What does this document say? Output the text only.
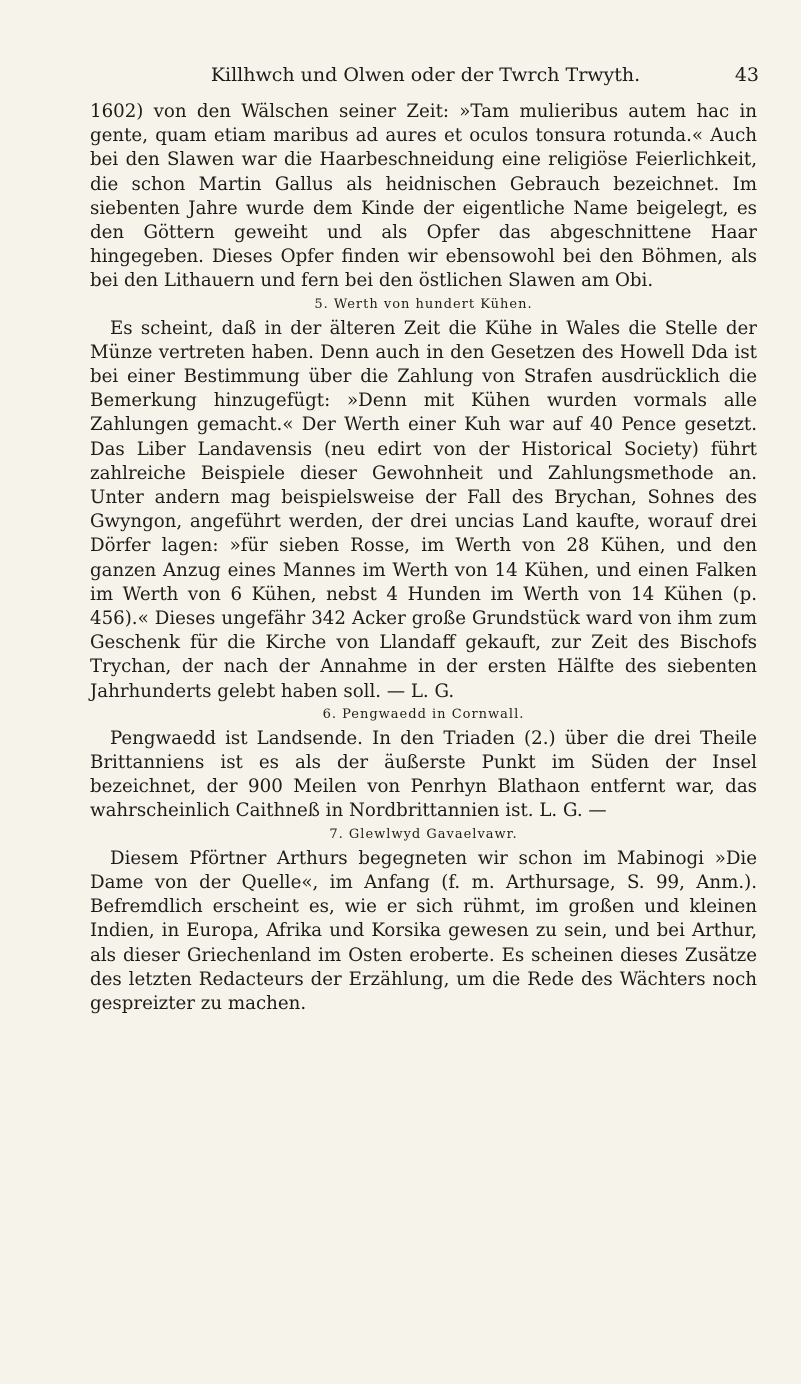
Killhwch und Olwen oder der Twrch Trwyth.	43

1602) von den Wälschen seiner Zeit: »Tam mulieribus autem hac in gente, quam etiam maribus ad aures et oculos tonsura rotunda.« Auch bei den Slawen war die Haarbeschneidung eine religiöse Feierlichkeit, die schon Martin Gallus als heidnischen Gebrauch bezeichnet. Im siebenten Jahre wurde dem Kinde der eigentliche Name beigelegt, es den Göttern geweiht und als Opfer das abgeschnittene Haar hingegeben. Dieses Opfer finden wir ebensowohl bei den Böhmen, als bei den Lithauern und fern bei den östlichen Slawen am Obi.

5. Werth von hundert Kühen.

Es scheint, daß in der älteren Zeit die Kühe in Wales die Stelle der Münze vertreten haben. Denn auch in den Gesetzen des Howell Dda ist bei einer Bestimmung über die Zahlung von Strafen ausdrücklich die Bemerkung hinzugefügt: »Denn mit Kühen wurden vormals alle Zahlungen gemacht.« Der Werth einer Kuh war auf 40 Pence gesetzt. Das Liber Landavensis (neu edirt von der Historical Society) führt zahlreiche Beispiele dieser Gewohnheit und Zahlungsmethode an. Unter andern mag beispielsweise der Fall des Brychan, Sohnes des Gwyngon, angeführt werden, der drei uncias Land kaufte, worauf drei Dörfer lagen: »für sieben Rosse, im Werth von 28 Kühen, und den ganzen Anzug eines Mannes im Werth von 14 Kühen, und einen Falken im Werth von 6 Kühen, nebst 4 Hunden im Werth von 14 Kühen (p. 456).« Dieses ungefähr 342 Acker große Grundstück ward von ihm zum Geschenk für die Kirche von Llandaff gekauft, zur Zeit des Bischofs Trychan, der nach der Annahme in der ersten Hälfte des siebenten Jahrhunderts gelebt haben soll. — L. G.

6. Pengwaedd in Cornwall.

Pengwaedd ist Landsende. In den Triaden (2.) über die drei Theile Brittanniens ist es als der äußerste Punkt im Süden der Insel bezeichnet, der 900 Meilen von Penrhyn Blathaon entfernt war, das wahrscheinlich Caithneß in Nordbrittannien ist. L. G. —

7. Glewlwyd Gavaelvawr.

Diesem Pförtner Arthurs begegneten wir schon im Mabinogi »Die Dame von der Quelle«, im Anfang (f. m. Arthursage, S. 99, Anm.). Befremdlich erscheint es, wie er sich rühmt, im großen und kleinen Indien, in Europa, Afrika und Korsika gewesen zu sein, und bei Arthur, als dieser Griechenland im Osten eroberte. Es scheinen dieses Zusätze des letzten Redacteurs der Erzählung, um die Rede des Wächters noch gespreizter zu machen.
